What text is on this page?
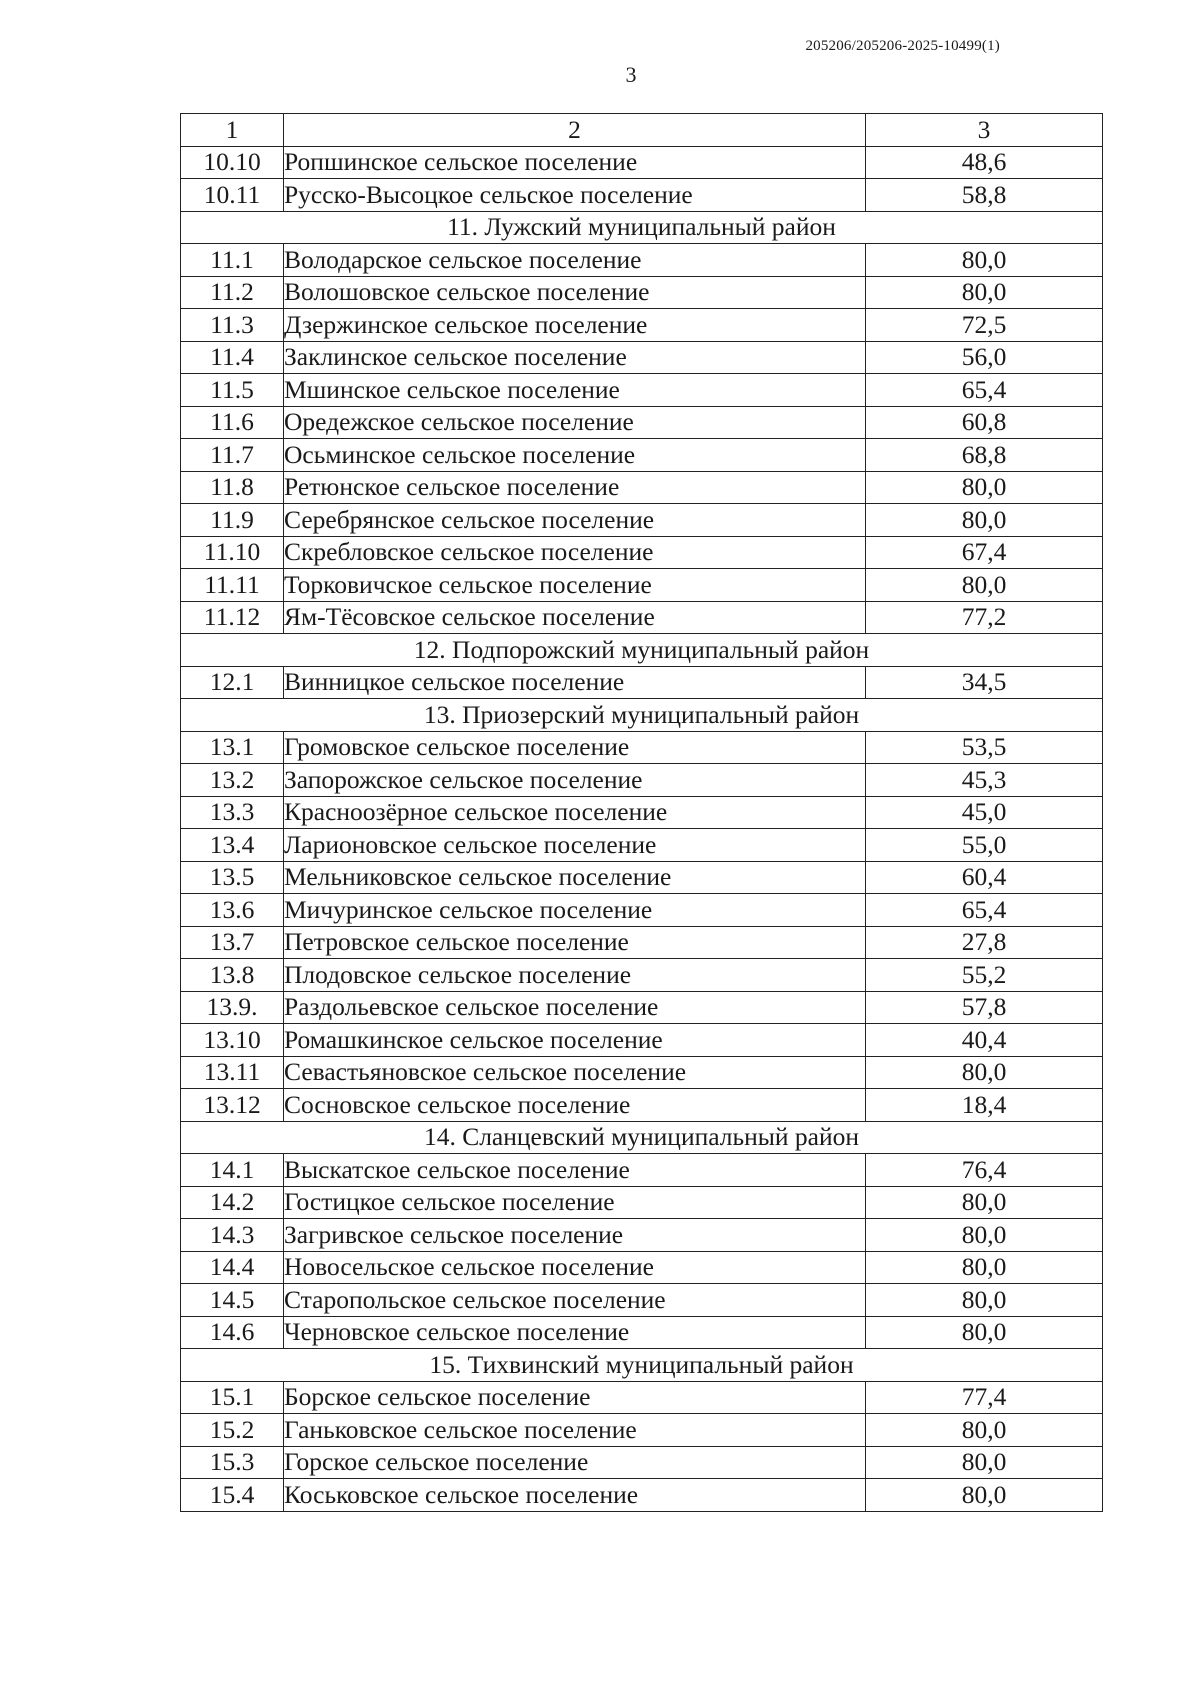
205206/205206-2025-10499(1)
3
1	2	3
10.10	Ропшинское сельское поселение	48,6
10.11	Русско-Высоцкое сельское поселение	58,8
11. Лужский муниципальный район		
11.1	Володарское сельское поселение	80,0
11.2	Волошовское сельское поселение	80,0
11.3	Дзержинское сельское поселение	72,5
11.4	Заклинское сельское поселение	56,0
11.5	Мшинское сельское поселение	65,4
11.6	Оредежское сельское поселение	60,8
11.7	Осьминское сельское поселение	68,8
11.8	Ретюнское сельское поселение	80,0
11.9	Серебрянское сельское поселение	80,0
11.10	Скребловское сельское поселение	67,4
11.11	Торковичское сельское поселение	80,0
11.12	Ям-Тёсовское сельское поселение	77,2
12. Подпорожский муниципальный район		
12.1	Винницкое сельское поселение	34,5
13. Приозерский муниципальный район		
13.1	Громовское сельское поселение	53,5
13.2	Запорожское сельское поселение	45,3
13.3	Красноозёрное сельское поселение	45,0
13.4	Ларионовское сельское поселение	55,0
13.5	Мельниковское сельское поселение	60,4
13.6	Мичуринское сельское поселение	65,4
13.7	Петровское сельское поселение	27,8
13.8	Плодовское сельское поселение	55,2
13.9.	Раздольевское сельское поселение	57,8
13.10	Ромашкинское сельское поселение	40,4
13.11	Севастьяновское сельское поселение	80,0
13.12	Сосновское сельское поселение	18,4
14. Сланцевский муниципальный район		
14.1	Выскатское сельское поселение	76,4
14.2	Гостицкое сельское поселение	80,0
14.3	Загривское сельское поселение	80,0
14.4	Новосельское сельское поселение	80,0
14.5	Старопольское сельское поселение	80,0
14.6	Черновское сельское поселение	80,0
15. Тихвинский муниципальный район		
15.1	Борское сельское поселение	77,4
15.2	Ганьковское сельское поселение	80,0
15.3	Горское сельское поселение	80,0
15.4	Коськовское сельское поселение	80,0
